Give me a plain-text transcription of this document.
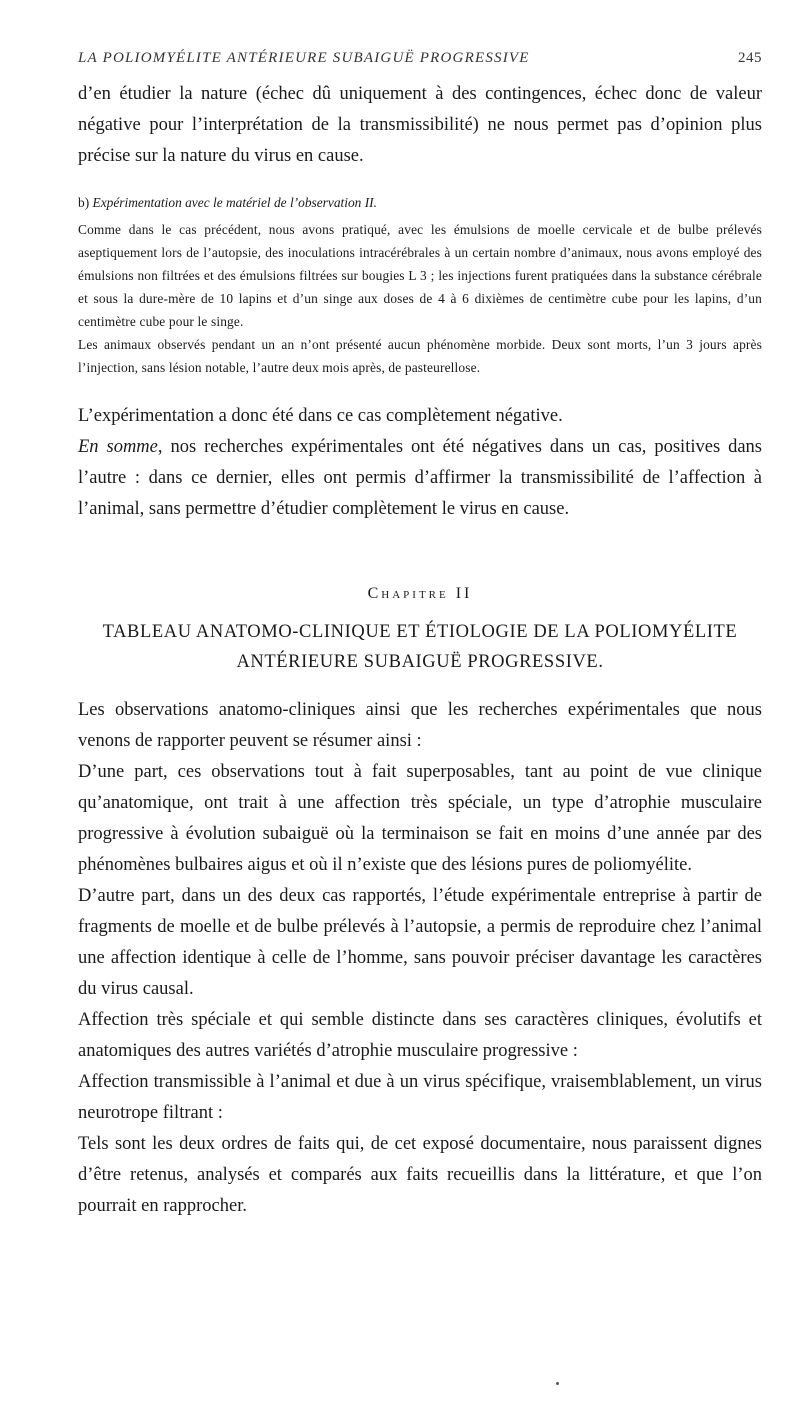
LA POLIOMYÉLITE ANTÉRIEURE SUBAIGUË PROGRESSIVE	245

d’en étudier la nature (échec dû uniquement à des contingences, échec donc de valeur négative pour l’interprétation de la transmissibilité) ne nous permet pas d’opinion plus précise sur la nature du virus en cause.

b) Expérimentation avec le matériel de l’observation II.

Comme dans le cas précédent, nous avons pratiqué, avec les émulsions de moelle cervicale et de bulbe prélevés aseptiquement lors de l’autopsie, des inoculations intracérébrales à un certain nombre d’animaux, nous avons employé des émulsions non filtrées et des émulsions filtrées sur bougies L 3 ; les injections furent pratiquées dans la substance cérébrale et sous la dure-mère de 10 lapins et d’un singe aux doses de 4 à 6 dixièmes de centimètre cube pour les lapins, d’un centimètre cube pour le singe.

Les animaux observés pendant un an n’ont présenté aucun phénomène morbide. Deux sont morts, l’un 3 jours après l’injection, sans lésion notable, l’autre deux mois après, de pasteurellose.

L’expérimentation a donc été dans ce cas complètement négative.

En somme, nos recherches expérimentales ont été négatives dans un cas, positives dans l’autre : dans ce dernier, elles ont permis d’affirmer la transmissibilité de l’affection à l’animal, sans permettre d’étudier complètement le virus en cause.

Chapitre II
TABLEAU ANATOMO-CLINIQUE ET ÉTIOLOGIE DE LA POLIOMYÉLITE ANTÉRIEURE SUBAIGUË PROGRESSIVE.

Les observations anatomo-cliniques ainsi que les recherches expérimentales que nous venons de rapporter peuvent se résumer ainsi :

D’une part, ces observations tout à fait superposables, tant au point de vue clinique qu’anatomique, ont trait à une affection très spéciale, un type d’atrophie musculaire progressive à évolution subaiguë où la terminaison se fait en moins d’une année par des phénomènes bulbaires aigus et où il n’existe que des lésions pures de poliomyélite.

D’autre part, dans un des deux cas rapportés, l’étude expérimentale entreprise à partir de fragments de moelle et de bulbe prélevés à l’autopsie, a permis de reproduire chez l’animal une affection identique à celle de l’homme, sans pouvoir préciser davantage les caractères du virus causal.

Affection très spéciale et qui semble distincte dans ses caractères cliniques, évolutifs et anatomiques des autres variétés d’atrophie musculaire progressive :

Affection transmissible à l’animal et due à un virus spécifique, vraisemblablement, un virus neurotrope filtrant :

Tels sont les deux ordres de faits qui, de cet exposé documentaire, nous paraissent dignes d’être retenus, analysés et comparés aux faits recueillis dans la littérature, et que l’on pourrait en rapprocher.
